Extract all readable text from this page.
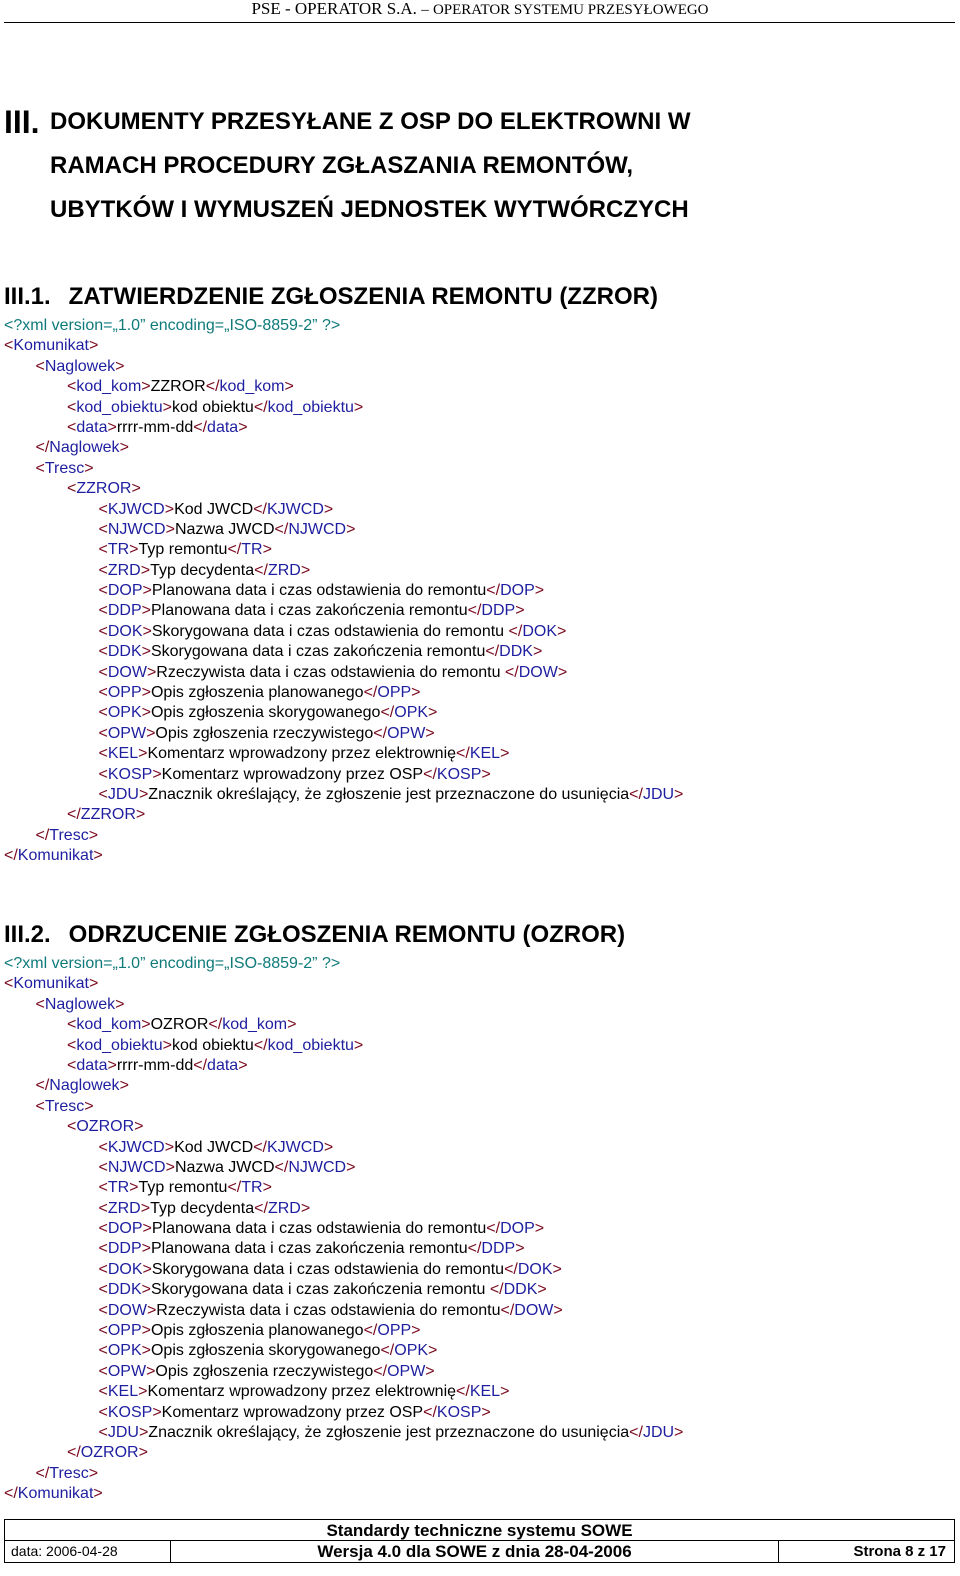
PSE - OPERATOR S.A. – OPERATOR SYSTEMU PRZESYŁOWEGO
III. DOKUMENTY PRZESYŁANE Z OSP DO ELEKTROWNI W
RAMACH PROCEDURY ZGŁASZANIA REMONTÓW,
UBYTKÓW I WYMUSZEŃ JEDNOSTEK WYTWÓRCZYCH
III.1. ZATWIERDZENIE ZGŁOSZENIA REMONTU (ZZROR)
<?xml version=„1.0” encoding=„ISO-8859-2” ?>
<Komunikat>
<Naglowek>
<kod_kom>ZZROR</kod_kom>
<kod_obiektu>kod obiektu</kod_obiektu>
<data>rrrr-mm-dd</data>
</Naglowek>
<Tresc>
<ZZROR>
<KJWCD>Kod JWCD</KJWCD>
<NJWCD>Nazwa JWCD</NJWCD>
<TR>Typ remontu</TR>
<ZRD>Typ decydenta</ZRD>
<DOP>Planowana data i czas odstawienia do remontu</DOP>
<DDP>Planowana data i czas zakończenia remontu</DDP>
<DOK>Skorygowana data i czas odstawienia do remontu </DOK>
<DDK>Skorygowana data i czas zakończenia remontu</DDK>
<DOW>Rzeczywista data i czas odstawienia do remontu </DOW>
<OPP>Opis zgłoszenia planowanego</OPP>
<OPK>Opis zgłoszenia skorygowanego</OPK>
<OPW>Opis zgłoszenia rzeczywistego</OPW>
<KEL>Komentarz wprowadzony przez elektrownię</KEL>
<KOSP>Komentarz wprowadzony przez OSP</KOSP>
<JDU>Znacznik określający, że zgłoszenie jest przeznaczone do usunięcia</JDU>
</ZZROR>
</Tresc>
</Komunikat>
III.2. ODRZUCENIE ZGŁOSZENIA REMONTU (OZROR)
<?xml version=„1.0” encoding=„ISO-8859-2” ?>
<Komunikat>
<Naglowek>
<kod_kom>OZROR</kod_kom>
<kod_obiektu>kod obiektu</kod_obiektu>
<data>rrrr-mm-dd</data>
</Naglowek>
<Tresc>
<OZROR>
<KJWCD>Kod JWCD</KJWCD>
<NJWCD>Nazwa JWCD</NJWCD>
<TR>Typ remontu</TR>
<ZRD>Typ decydenta</ZRD>
<DOP>Planowana data i czas odstawienia do remontu</DOP>
<DDP>Planowana data i czas zakończenia remontu</DDP>
<DOK>Skorygowana data i czas odstawienia do remontu</DOK>
<DDK>Skorygowana data i czas zakończenia remontu </DDK>
<DOW>Rzeczywista data i czas odstawienia do remontu</DOW>
<OPP>Opis zgłoszenia planowanego</OPP>
<OPK>Opis zgłoszenia skorygowanego</OPK>
<OPW>Opis zgłoszenia rzeczywistego</OPW>
<KEL>Komentarz wprowadzony przez elektrownię</KEL>
<KOSP>Komentarz wprowadzony przez OSP</KOSP>
<JDU>Znacznik określający, że zgłoszenie jest przeznaczone do usunięcia</JDU>
</OZROR>
</Tresc>
</Komunikat>
Standardy techniczne systemu SOWE
data: 2006-04-28	Wersja 4.0 dla SOWE z dnia 28-04-2006	Strona 8 z 17
